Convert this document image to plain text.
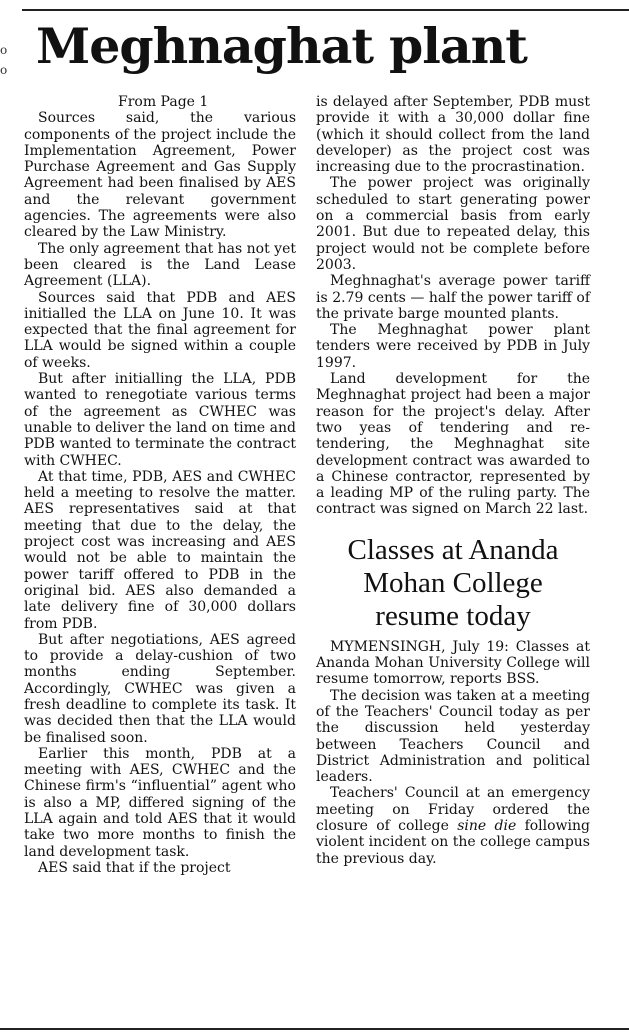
o
o Meghnaghat plant

From Page 1

Sources said, the various components of the project include the Implementation Agreement, Power Purchase Agreement and Gas Supply Agreement had been finalised by AES and the relevant government agencies. The agreements were also cleared by the Law Ministry.

The only agreement that has not yet been cleared is the Land Lease Agreement (LLA).

Sources said that PDB and AES initialled the LLA on June 10. It was expected that the final agreement for LLA would be signed within a couple of weeks.

But after initialling the LLA, PDB wanted to renegotiate various terms of the agreement as CWHEC was unable to deliver the land on time and PDB wanted to terminate the contract with CWHEC.

At that time, PDB, AES and CWHEC held a meeting to resolve the matter. AES representatives said at that meeting that due to the delay, the project cost was increasing and AES would not be able to maintain the power tariff offered to PDB in the original bid. AES also demanded a late delivery fine of 30,000 dollars from PDB.

But after negotiations, AES agreed to provide a delay-cushion of two months ending September. Accordingly, CWHEC was given a fresh deadline to complete its task. It was decided then that the LLA would be finalised soon.

Earlier this month, PDB at a meeting with AES, CWHEC and the Chinese firm's “influential” agent who is also a MP, differed signing of the LLA again and told AES that it would take two more months to finish the land development task.

AES said that if the project

is delayed after September, PDB must provide it with a 30,000 dollar fine (which it should collect from the land developer) as the project cost was increasing due to the procrastination.

The power project was originally scheduled to start generating power on a commercial basis from early 2001. But due to repeated delay, this project would not be complete before 2003.

Meghnaghat's average power tariff is 2.79 cents — half the power tariff of the private barge mounted plants.

The Meghnaghat power plant tenders were received by PDB in July 1997.

Land development for the Meghnaghat project had been a major reason for the project's delay. After two yeas of tendering and re-tendering, the Meghnaghat site development contract was awarded to a Chinese contractor, represented by a leading MP of the ruling party. The contract was signed on March 22 last.

Classes at Ananda
Mohan College
resume today

MYMENSINGH, July 19: Classes at Ananda Mohan University College will resume tomorrow, reports BSS.

The decision was taken at a meeting of the Teachers' Council today as per the discussion held yesterday between Teachers Council and District Administration and political leaders.

Teachers' Council at an emergency meeting on Friday ordered the closure of college sine die following violent incident on the college campus the previous day.
